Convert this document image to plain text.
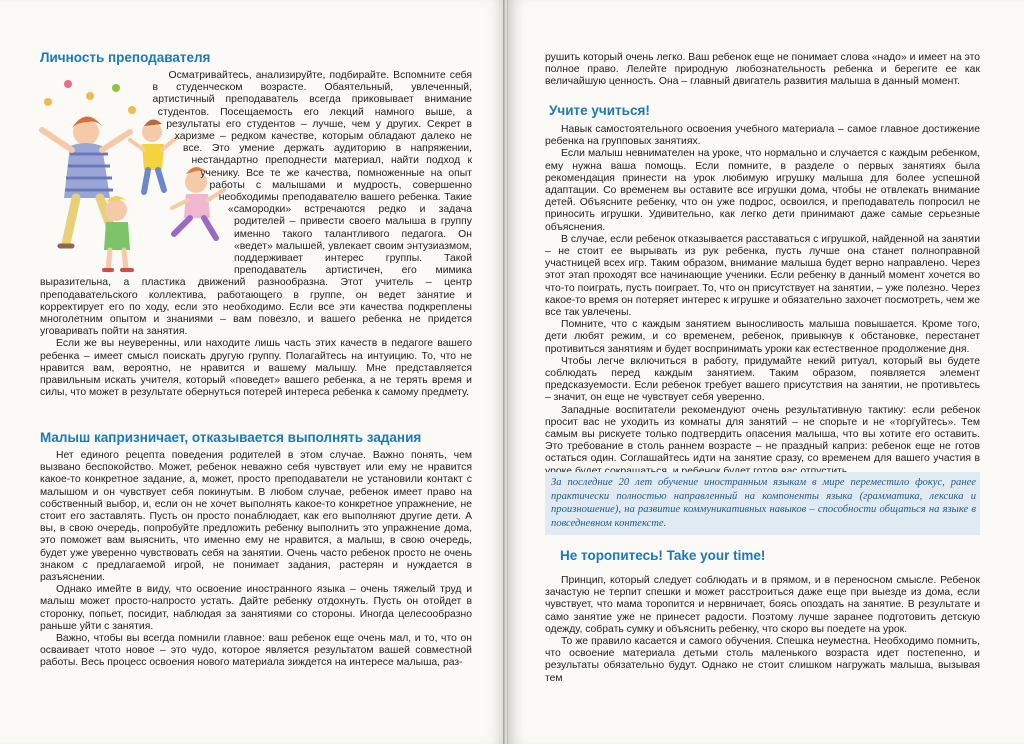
Личность преподавателя

Осматривайтесь, анализируйте, подбирайте. Вспомните себя в студенческом возрасте. Обаятельный, увлеченный, артистичный преподаватель всегда приковывает внимание студентов. Посещаемость его лекций намного выше, а результаты его студентов – лучше, чем у других. Секрет в харизме – редком качестве, которым обладают далеко не все. Это умение держать аудиторию в напряжении, нестандартно преподнести материал, найти подход к ученику. Все те же качества, помноженные на опыт работы с малышами и мудрость, совершенно необходимы преподавателю вашего ребенка. Такие «самородки» встречаются редко и задача родителей – привести своего малыша в группу именно такого талантливого педагога. Он «ведет» малышей, увлекает своим энтузиазмом, поддерживает интерес группы. Такой преподаватель артистичен, его мимика выразительна, а пластика движений разнообразна. Этот учитель – центр преподавательского коллектива, работающего в группе, он ведет занятие и корректирует его по ходу, если это необходимо. Если все эти качества подкреплены многолетним опытом и знаниями – вам повезло, и вашего ребенка не придется уговаривать пойти на занятия.

Если же вы неуверенны, или находите лишь часть этих качеств в педагоге вашего ребенка – имеет смысл поискать другую группу. Полагайтесь на интуицию. То, что не нравится вам, вероятно, не нравится и вашему малышу. Мне представляется правильным искать учителя, который «поведет» вашего ребенка, а не терять время и силы, что может в результате обернуться потерей интереса ребенка к самому предмету.

Малыш капризничает, отказывается выполнять задания

Нет единого рецепта поведения родителей в этом случае. Важно понять, чем вызвано беспокойство. Может, ребенок неважно себя чувствует или ему не нравится какое-то конкретное задание, а, может, просто преподаватели не установили контакт с малышом и он чувствует себя покинутым. В любом случае, ребенок имеет право на собственный выбор, и, если он не хочет выполнять какое-то конкретное упражнение, не стоит его заставлять. Пусть он просто понаблюдает, как его выполняют другие дети. А вы, в свою очередь, попробуйте предложить ребенку выполнить это упражнение дома, это поможет вам выяснить, что именно ему не нравится, а малыш, в свою очередь, будет уже уверенно чувствовать себя на занятии. Очень часто ребенок просто не очень знаком с предлагаемой игрой, не понимает задания, растерян и нуждается в разъяснении.

Однако имейте в виду, что освоение иностранного языка – очень тяжелый труд и малыш может просто-напросто устать. Дайте ребенку отдохнуть. Пусть он отойдет в сторонку, попьет, посидит, наблюдая за занятиями со стороны. Иногда целесообразно раньше уйти с занятия.

Важно, чтобы вы всегда помнили главное: ваш ребенок еще очень мал, и то, что он осваивает чтото новое – это чудо, которое является результатом вашей совместной работы. Весь процесс освоения нового материала зиждется на интересе малыша, раз-

рушить который очень легко. Ваш ребенок еще не понимает слова «надо» и имеет на это полное право. Лелейте природную любознательность ребенка и берегите ее как величайшую ценность. Она – главный двигатель развития малыша в данный момент.

Учите учиться!

Навык самостоятельного освоения учебного материала – самое главное достижение ребенка на групповых занятиях.

Если малыш невнимателен на уроке, что нормально и случается с каждым ребенком, ему нужна ваша помощь. Если помните, в разделе о первых занятиях была рекомендация принести на урок любимую игрушку малыша для более успешной адаптации. Со временем вы оставите все игрушки дома, чтобы не отвлекать внимание детей. Объясните ребенку, что он уже подрос, освоился, и преподаватель попросил не приносить игрушки. Удивительно, как легко дети принимают даже самые серьезные объяснения.

В случае, если ребенок отказывается расставаться с игрушкой, найденной на занятии – не стоит ее вырывать из рук ребенка, пусть лучше она станет полноправной участницей всех игр. Таким образом, внимание малыша будет верно направлено. Через этот этап проходят все начинающие ученики. Если ребенку в данный момент хочется во что-то поиграть, пусть поиграет. То, что он присутствует на занятии, – уже полезно. Через какое-то время он потеряет интерес к игрушке и обязательно захочет посмотреть, чем же все так увлечены.

Помните, что с каждым занятием выносливость малыша повышается. Кроме того, дети любят режим, и со временем, ребенок, привыкнув к обстановке, перестанет противиться занятиям и будет воспринимать уроки как естественное продолжение дня.

Чтобы легче включиться в работу, придумайте некий ритуал, который вы будете соблюдать перед каждым занятием. Таким образом, появляется элемент предсказуемости. Если ребенок требует вашего присутствия на занятии, не противьтесь – значит, он еще не чувствует себя уверенно.

Западные воспитатели рекомендуют очень результативную тактику: если ребенок просит вас не уходить из комнаты для занятий – не спорьте и не «торгуйтесь». Тем самым вы рискуете только подтвердить опасения малыша, что вы хотите его оставить. Это требование в столь раннем возрасте – не праздный каприз: ребенок еще не готов остаться один. Соглашайтесь идти на занятие сразу, со временем для вашего участия в

За последние 20 лет обучение иностранным языкам в мире переместило фокус, ранее практически полностью направленный на компоненты языка (грамматика, лексика и произношение), на развитие коммуникативных навыков – способности общаться на языке в повседневном контексте.
Не торопитесь! Take your time!

Принцип, который следует соблюдать и в прямом, и в переносном смысле. Ребенок зачастую не терпит спешки и может расстроиться даже еще при выезде из дома, если чувствует, что мама торопится и нервничает, боясь опоздать на занятие. В результате и само занятие уже не принесет радости. Поэтому лучше заранее подготовить детскую одежду, собрать сумку и объяснить ребенку, что скоро вы поедете на урок.

То же правило касается и самого обучения. Спешка неуместна. Необходимо помнить, что освоение материала детьми столь маленького возраста идет постепенно, и результаты обязательно будут. Однако не стоит слишком нагружать малыша, вызывая тем
